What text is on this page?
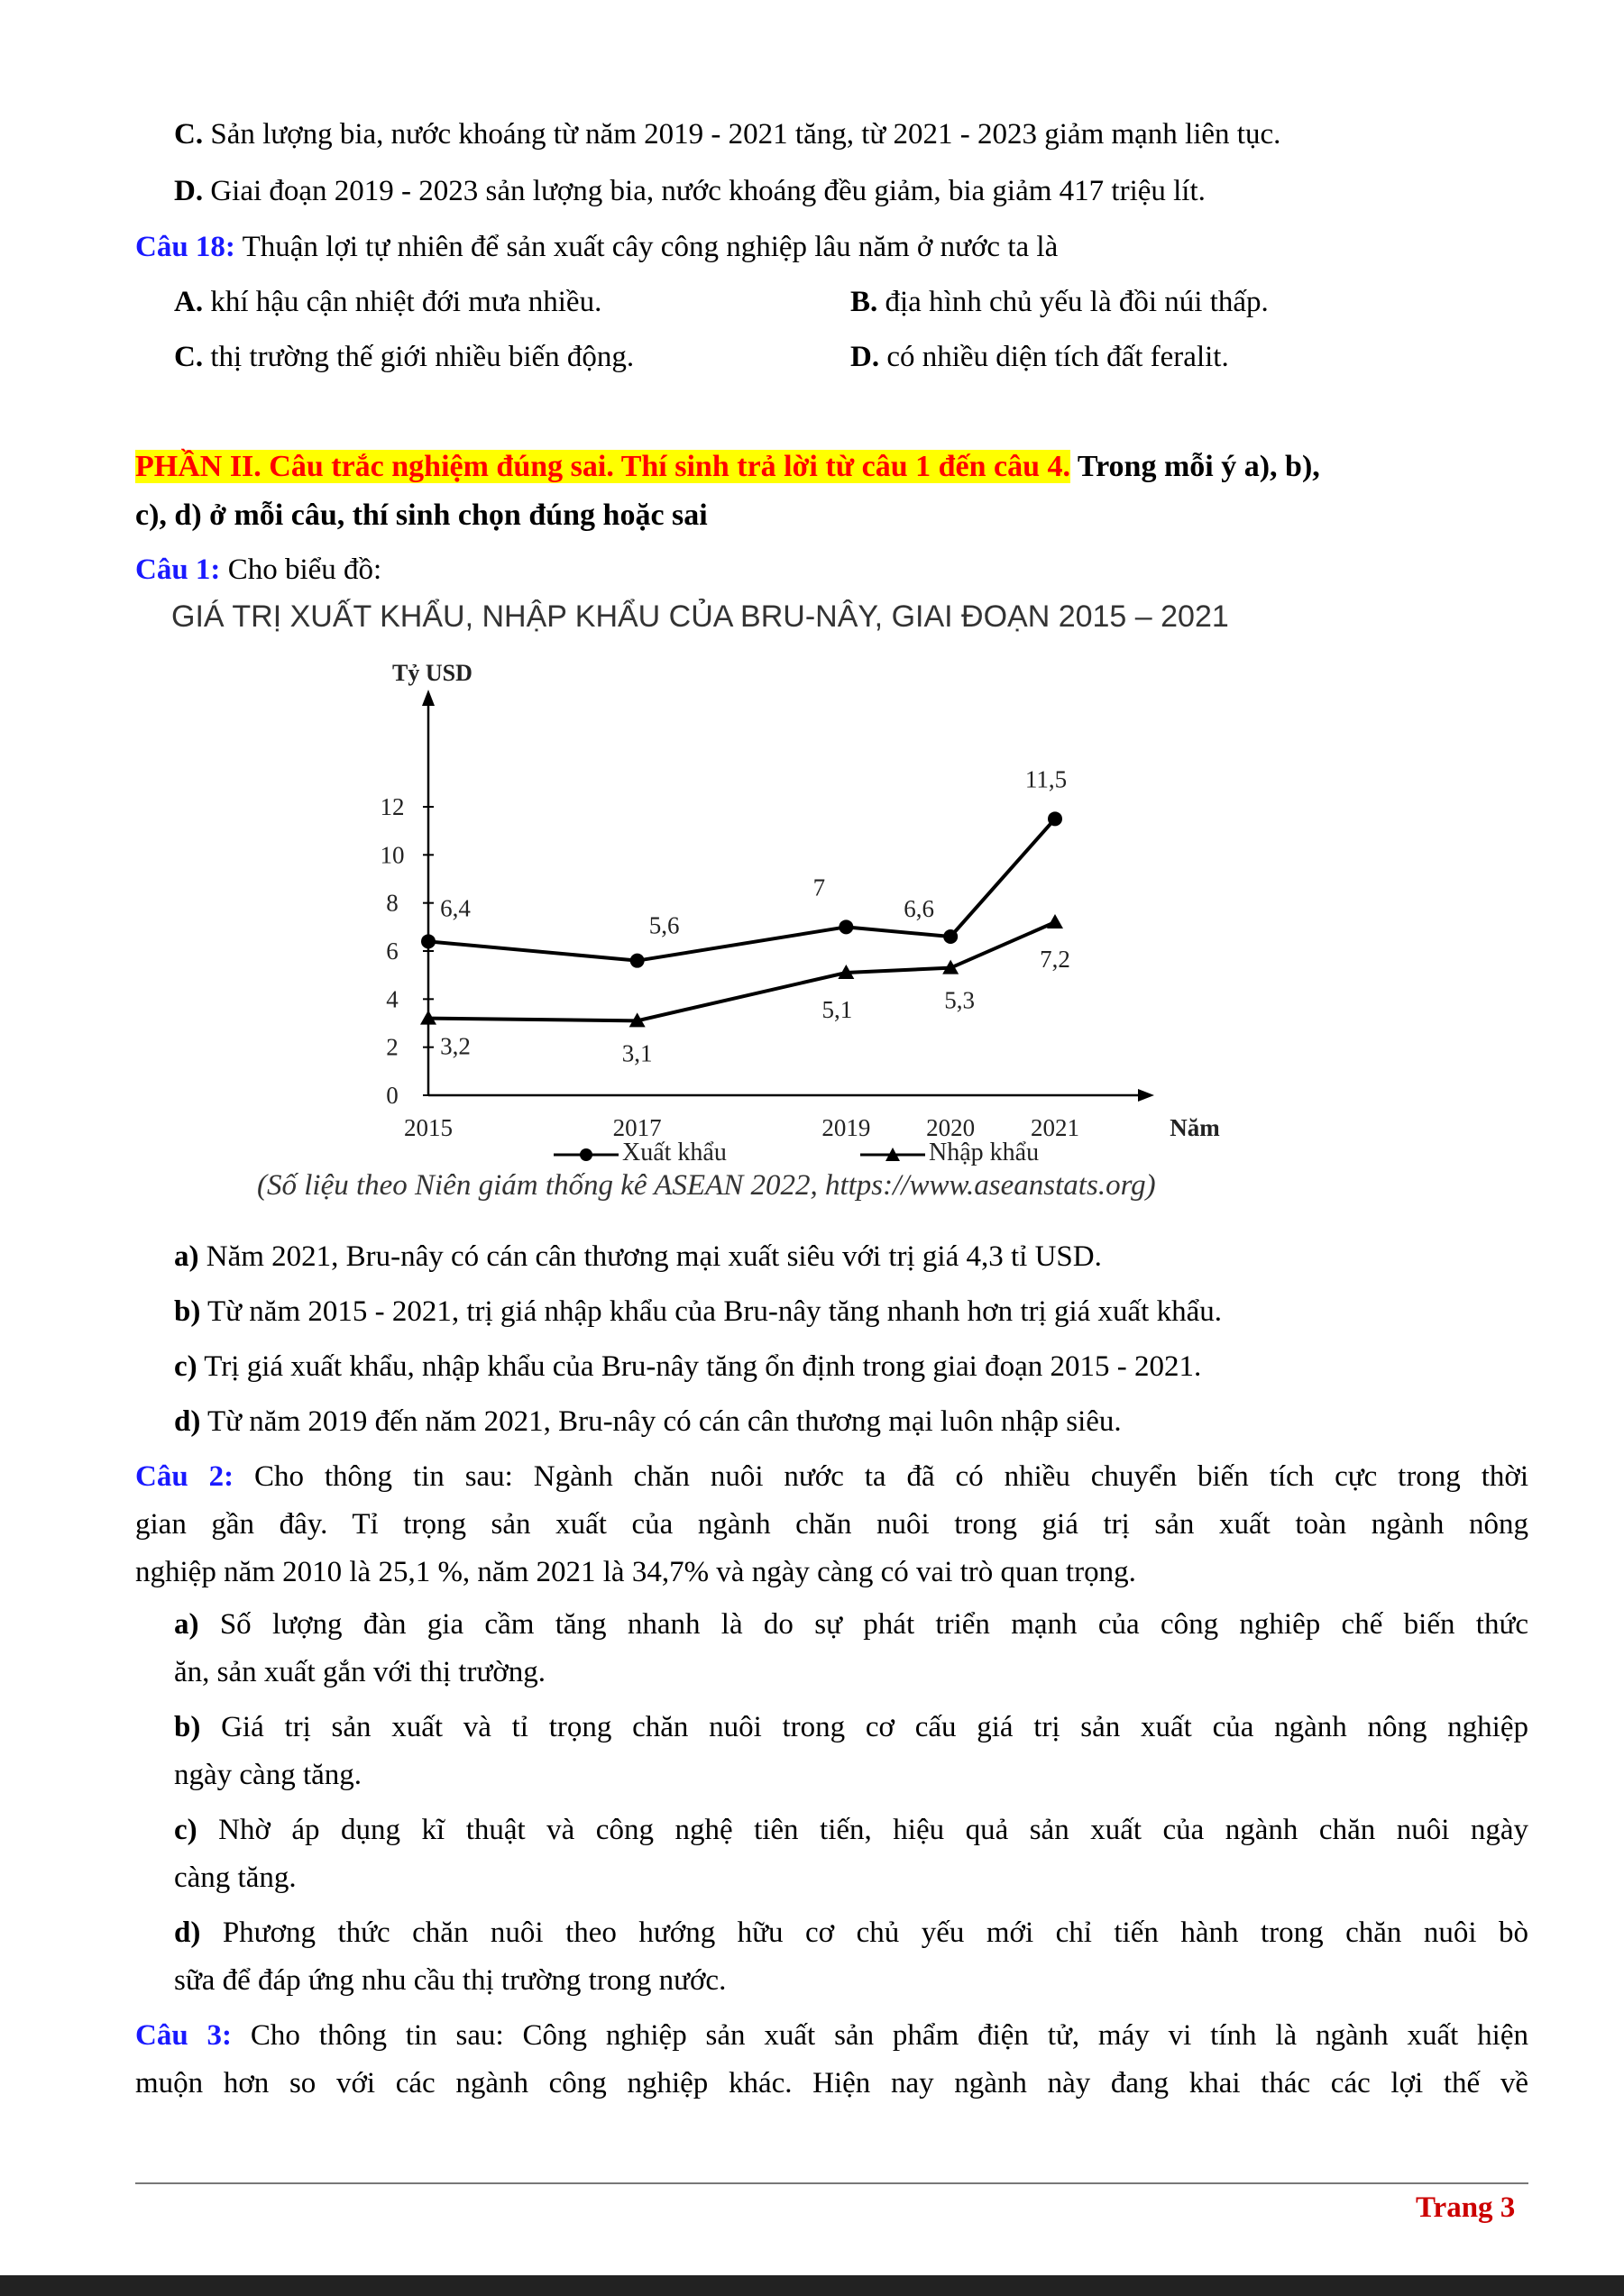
C. Sản lượng bia, nước khoáng từ năm 2019 - 2021 tăng, từ 2021 - 2023 giảm mạnh liên tục.
D. Giai đoạn 2019 - 2023 sản lượng bia, nước khoáng đều giảm, bia giảm 417 triệu lít.
Câu 18: Thuận lợi tự nhiên để sản xuất cây công nghiệp lâu năm ở nước ta là
A. khí hậu cận nhiệt đới mưa nhiều.	B. địa hình chủ yếu là đồi núi thấp.
C. thị trường thế giới nhiều biến động.	D. có nhiều diện tích đất feralit.
PHẦN II. Câu trắc nghiệm đúng sai. Thí sinh trả lời từ câu 1 đến câu 4. Trong mỗi ý a), b),
c), d) ở mỗi câu, thí sinh chọn đúng hoặc sai
Câu 1: Cho biểu đồ:
GIÁ TRỊ XUẤT KHẨU, NHẬP KHẨU CỦA BRU-NÂY, GIAI ĐOẠN 2015 – 2021
Tỷ USD
0
2
4
6
8
10
12
2015	2017	2019 2020 2021	Năm
6,4
5,6
7
6,6
11,5
3,2	3,1
5,1	5,3
7,2
Xuất khẩu	Nhập khẩu
(Số liệu theo Niên giám thống kê ASEAN 2022, https://www.aseanstats.org)
a) Năm 2021, Bru-nây có cán cân thương mại xuất siêu với trị giá 4,3 tỉ USD.
b) Từ năm 2015 - 2021, trị giá nhập khẩu của Bru-nây tăng nhanh hơn trị giá xuất khẩu.
c) Trị giá xuất khẩu, nhập khẩu của Bru-nây tăng ổn định trong giai đoạn 2015 - 2021.
d) Từ năm 2019 đến năm 2021, Bru-nây có cán cân thương mại luôn nhập siêu.
Câu 2: Cho thông tin sau: Ngành chăn nuôi nước ta đã có nhiều chuyển biến tích cực trong thời
gian gần đây. Tỉ trọng sản xuất của ngành chăn nuôi trong giá trị sản xuất toàn ngành nông
nghiệp năm 2010 là 25,1 %, năm 2021 là 34,7% và ngày càng có vai trò quan trọng.
a) Số lượng đàn gia cầm tăng nhanh là do sự phát triển mạnh của công nghiêp chế biến thức
ăn, sản xuất gắn với thị trường.
b) Giá trị sản xuất và tỉ trọng chăn nuôi trong cơ cấu giá trị sản xuất của ngành nông nghiệp
ngày càng tăng.
c) Nhờ áp dụng kĩ thuật và công nghệ tiên tiến, hiệu quả sản xuất của ngành chăn nuôi ngày
càng tăng.
d) Phương thức chăn nuôi theo hướng hữu cơ chủ yếu mới chỉ tiến hành trong chăn nuôi bò
sữa để đáp ứng nhu cầu thị trường trong nước.
Câu 3: Cho thông tin sau: Công nghiệp sản xuất sản phẩm điện tử, máy vi tính là ngành xuất hiện
muộn hơn so với các ngành công nghiệp khác. Hiện nay ngành này đang khai thác các lợi thế về
Trang 3
